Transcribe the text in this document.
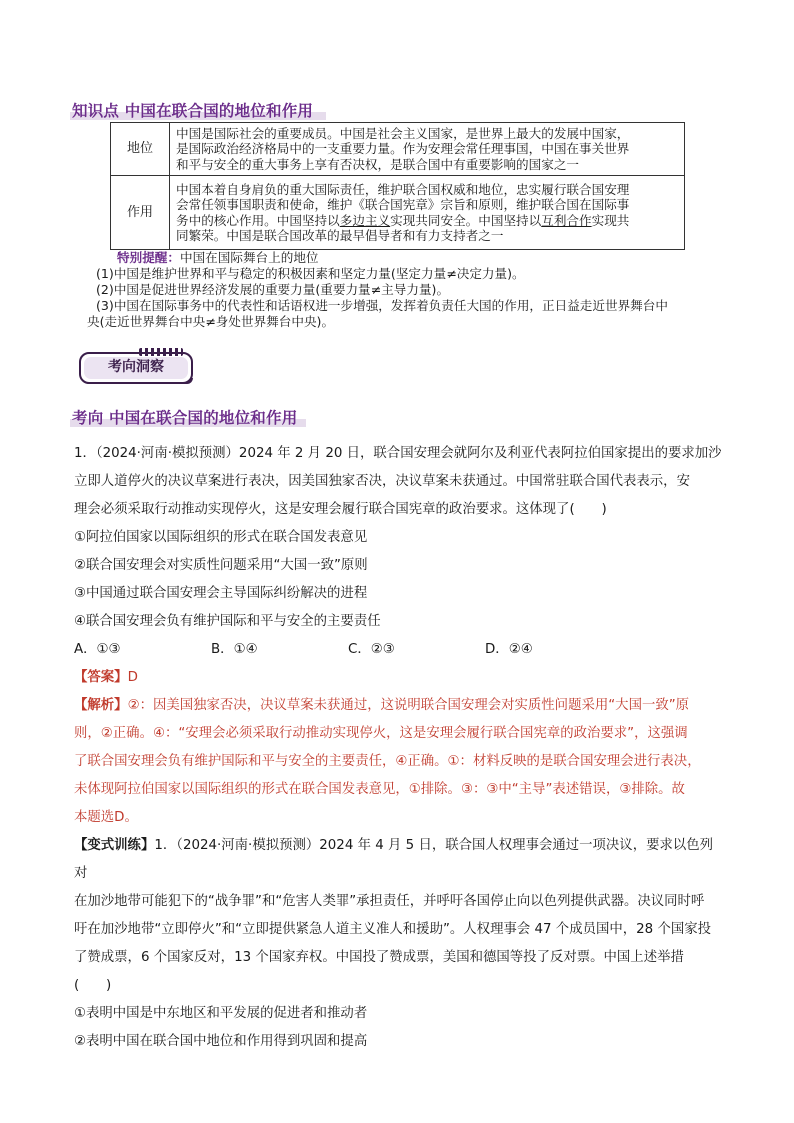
知识点 中国在联合国的地位和作用
地位	中国是国际社会的重要成员。中国是社会主义国家，是世界上最大的发展中国家，
是国际政治经济格局中的一支重要力量。作为安理会常任理事国，中国在事关世界
和平与安全的重大事务上享有否决权，是联合国中有重要影响的国家之一

作用	中国本着自身肩负的重大国际责任，维护联合国权威和地位，忠实履行联合国安理
会常任领事国职责和使命，维护《联合国宪章》宗旨和原则，维护联合国在国际事
务中的核心作用。中国坚持以多边主义实现共同安全。中国坚持以互利合作实现共
同繁荣。中国是联合国改革的最早倡导者和有力支持者之一

特别提醒：中国在国际舞台上的地位

(1)中国是维护世界和平与稳定的积极因素和坚定力量(坚定力量≠决定力量)。

(2)中国是促进世界经济发展的重要力量(重要力量≠主导力量)。

(3)中国在国际事务中的代表性和话语权进一步增强，发挥着负责任大国的作用，正日益走近世界舞台中

央(走近世界舞台中央≠身处世界舞台中央)。

考向洞察
考向 中国在联合国的地位和作用

1．（2024·河南·模拟预测）2024 年 2 月 20 日，联合国安理会就阿尔及利亚代表阿拉伯国家提出的要求加沙

立即人道停火的决议草案进行表决，因美国独家否决，决议草案未获通过。中国常驻联合国代表表示，安

理会必须采取行动推动实现停火，这是安理会履行联合国宪章的政治要求。这体现了(　　)

①阿拉伯国家以国际组织的形式在联合国发表意见

②联合国安理会对实质性问题采用“大国一致”原则

③中国通过联合国安理会主导国际纠纷解决的进程

④联合国安理会负有维护国际和平与安全的主要责任

A．①③	B．①④	C．②③	D．②④

【答案】D

【解析】②：因美国独家否决，决议草案未获通过，这说明联合国安理会对实质性问题采用“大国一致”原

则，②正确。④：“安理会必须采取行动推动实现停火，这是安理会履行联合国宪章的政治要求”，这强调

了联合国安理会负有维护国际和平与安全的主要责任，④正确。①：材料反映的是联合国安理会进行表决，

未体现阿拉伯国家以国际组织的形式在联合国发表意见，①排除。③：③中“主导”表述错误，③排除。故

本题选D。

【变式训练】1．（2024·河南·模拟预测）2024 年 4 月 5 日，联合国人权理事会通过一项决议，要求以色列对

在加沙地带可能犯下的“战争罪”和“危害人类罪”承担责任，并呼吁各国停止向以色列提供武器。决议同时呼

吁在加沙地带“立即停火”和“立即提供紧急人道主义准人和援助”。人权理事会 47 个成员国中，28 个国家投

了赞成票，6 个国家反对，13 个国家弃权。中国投了赞成票，美国和德国等投了反对票。中国上述举措

(　　)

①表明中国是中东地区和平发展的促进者和推动者

②表明中国在联合国中地位和作用得到巩固和提高
